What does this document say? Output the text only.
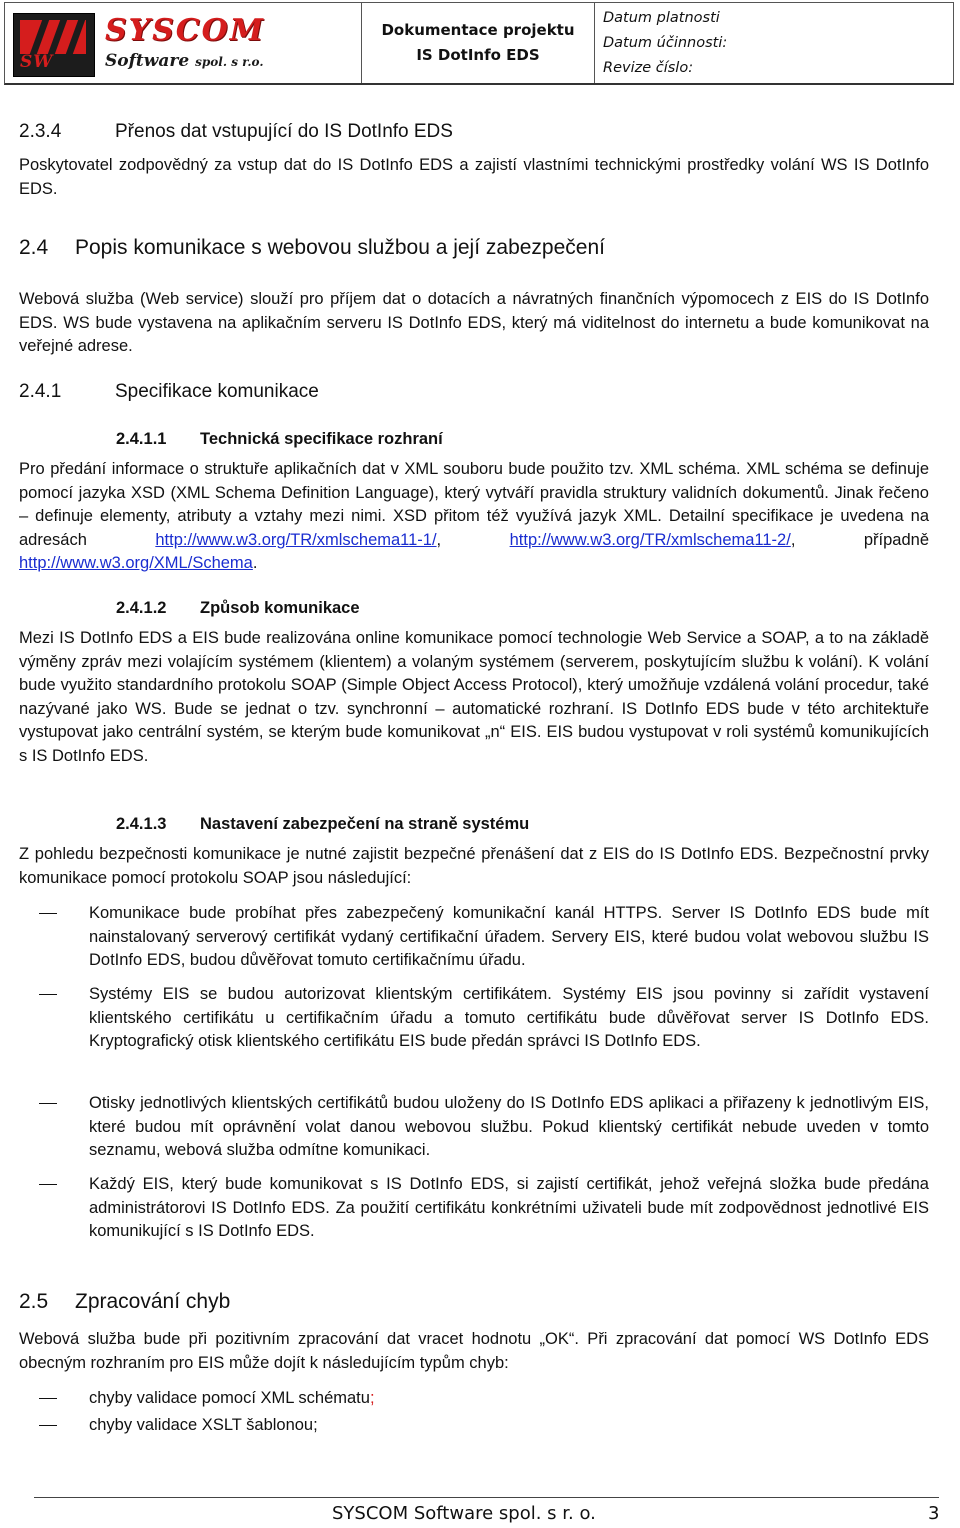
SW
SYSCOM
Software spol. s r.o.
Dokumentace projektu
IS DotInfo EDS
Datum platnosti
Datum účinnosti:
Revize číslo:
2.3.4	Přenos dat vstupující do IS DotInfo EDS

Poskytovatel zodpovědný za vstup dat do IS DotInfo EDS a zajistí vlastními technickými prostředky volání WS IS DotInfo EDS.

2.4 Popis komunikace s webovou službou a její zabezpečení

Webová služba (Web service) slouží pro příjem dat o dotacích a návratných finančních výpomocech z EIS do IS DotInfo EDS. WS bude vystavena na aplikačním serveru IS DotInfo EDS, který má viditelnost do internetu a bude komunikovat na veřejné adrese.

2.4.1	Specifikace komunikace
2.4.1.1 Technická specifikace rozhraní

Pro předání informace o struktuře aplikačních dat v XML souboru bude použito tzv. XML schéma. XML schéma se definuje pomocí jazyka XSD (XML Schema Definition Language), který vytváří pravidla struktury validních dokumentů. Jinak řečeno – definuje elementy, atributy a vztahy mezi nimi. XSD přitom též využívá jazyk XML. Detailní specifikace je uvedena na adresách http://www.w3.org/TR/xmlschema11-1/, http://www.w3.org/TR/xmlschema11-2/, případně http://www.w3.org/XML/Schema.

2.4.1.2 Způsob komunikace

Mezi IS DotInfo EDS a EIS bude realizována online komunikace pomocí technologie Web Service a SOAP, a to na základě výměny zpráv mezi volajícím systémem (klientem) a volaným systémem (serverem, poskytujícím službu k volání). K volání bude využito standardního protokolu SOAP (Simple Object Access Protocol), který umožňuje vzdálená volání procedur, také nazývané jako WS. Bude se jednat o tzv. synchronní – automatické rozhraní. IS DotInfo EDS bude v této architektuře vystupovat jako centrální systém, se kterým bude komunikovat „n“ EIS. EIS budou vystupovat v roli systémů komunikujících s IS DotInfo EDS.

2.4.1.3 Nastavení zabezpečení na straně systému

Z pohledu bezpečnosti komunikace je nutné zajistit bezpečné přenášení dat z EIS do IS DotInfo EDS. Bezpečnostní prvky komunikace pomocí protokolu SOAP jsou následující:

Komunikace bude probíhat přes zabezpečený komunikační kanál HTTPS. Server IS DotInfo EDS bude mít nainstalovaný serverový certifikát vydaný certifikační úřadem. Servery EIS, které budou volat webovou službu IS DotInfo EDS, budou důvěřovat tomuto certifikačnímu úřadu.
Systémy EIS se budou autorizovat klientským certifikátem. Systémy EIS jsou povinny si zařídit vystavení klientského certifikátu u certifikačním úřadu a tomuto certifikátu bude důvěřovat server IS DotInfo EDS. Kryptografický otisk klientského certifikátu EIS bude předán správci IS DotInfo EDS.
Otisky jednotlivých klientských certifikátů budou uloženy do IS DotInfo EDS aplikaci a přiřazeny k jednotlivým EIS, které budou mít oprávnění volat danou webovou službu. Pokud klientský certifikát nebude uveden v tomto seznamu, webová služba odmítne komunikaci.
Každý EIS, který bude komunikovat s IS DotInfo EDS, si zajistí certifikát, jehož veřejná složka bude předána administrátorovi IS DotInfo EDS. Za použití certifikátu konkrétními uživateli bude mít zodpovědnost jednotlivé EIS komunikující s IS DotInfo EDS.
2.5 Zpracování chyb

Webová služba bude při pozitivním zpracování dat vracet hodnotu „OK“. Při zpracování dat pomocí WS DotInfo EDS obecným rozhraním pro EIS může dojít k následujícím typům chyb:

chyby validace pomocí XML schématu;
chyby validace XSLT šablonou;
SYSCOM Software spol. s r. o.	3
